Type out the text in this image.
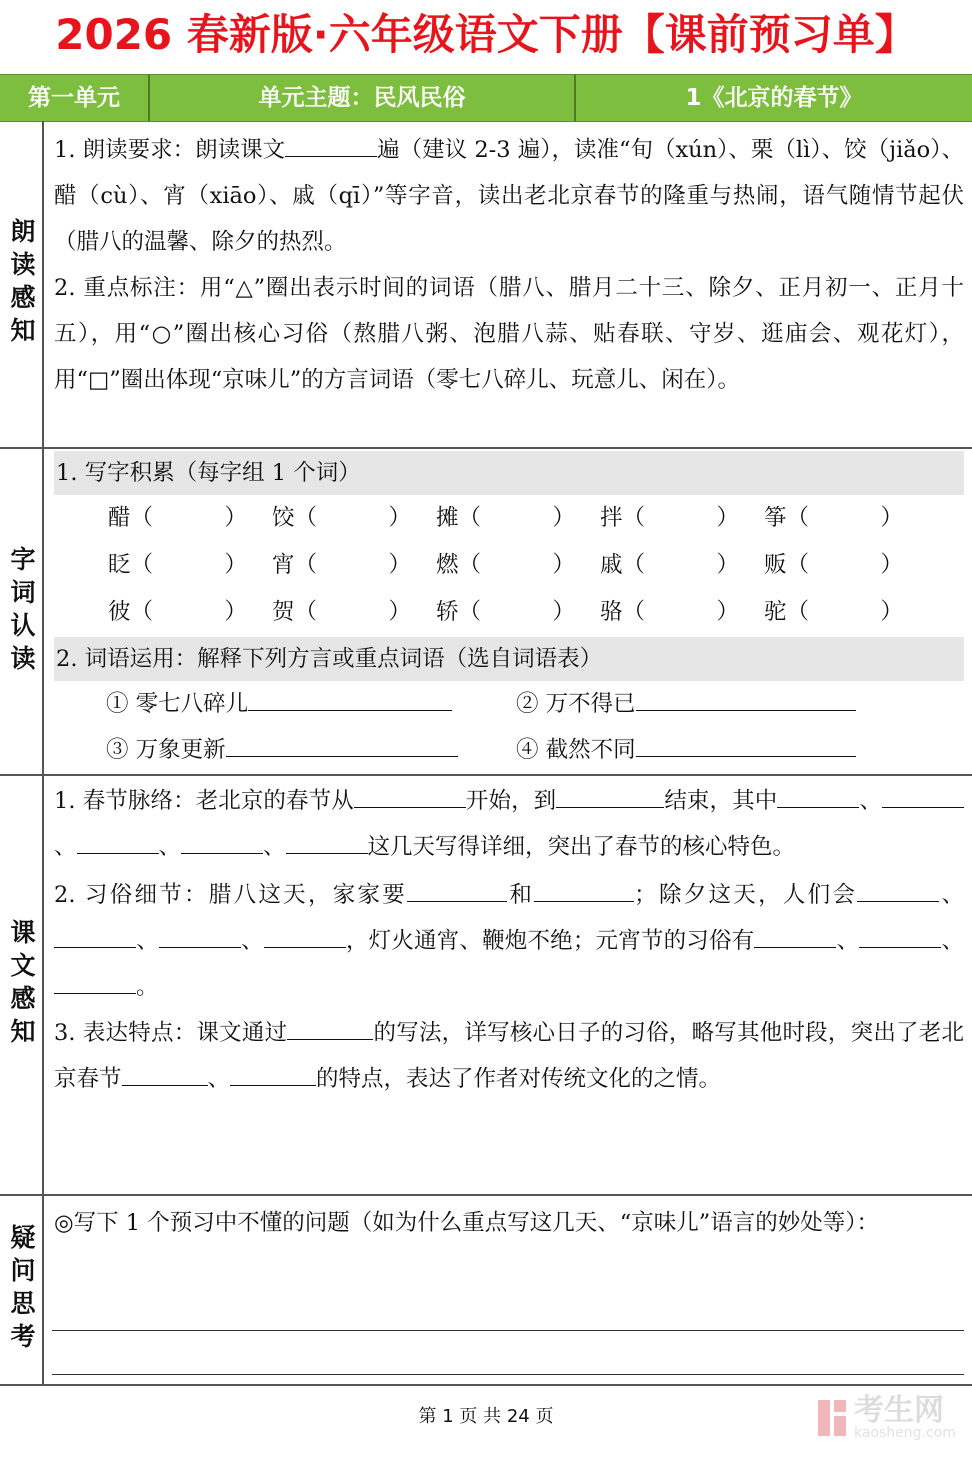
2026 春新版·六年级语文下册【课前预习单】
第一单元	单元主题：民风民俗	1《北京的春节》
朗读感知

1. 朗读要求：朗读课文	遍（建议 2-3 遍），读准“旬（xún）、栗（lì）、饺（jiǎo）、醋（cù）、宵（xiāo）、戚（qī）”等字音，读出老北京春节的隆重与热闹，语气随情节起伏（腊八的温馨、除夕的热烈。

2. 重点标注：用“△”圈出表示时间的词语（腊八、腊月二十三、除夕、正月初一、正月十五），用“○”圈出核心习俗（熬腊八粥、泡腊八蒜、贴春联、守岁、逛庙会、观花灯），用“□”圈出体现“京味儿”的方言词语（零七八碎儿、玩意儿、闲在）。

字词认读

1. 写字积累（每字组 1 个词）

醋（          ）	饺（          ）	摊（          ）	拌（          ）	筝（          ）
眨（          ）	宵（          ）	燃（          ）	戚（          ）	贩（          ）
彼（          ）	贺（          ）	轿（          ）	骆（          ）	驼（          ）

2. 词语运用：解释下列方言或重点词语（选自词语表）

① 零七八碎儿	② 万不得已
③ 万象更新	④ 截然不同
课文感知

1. 春节脉络：老北京的春节从	开始，到	结束，其中	、、	、	、	这几天写得详细，突出了春节的核心特色。

2. 习俗细节：腊八这天，家家要	和	；除夕这天，人们会	、、	、	，灯火通宵、鞭炮不绝；元宵节的习俗有	、	、。

3. 表达特点：课文通过	的写法，详写核心日子的习俗，略写其他时段，突出了老北京春节	、	的特点，表达了作者对传统文化的之情。

疑问思考

◎写下 1 个预习中不懂的问题（如为什么重点写这几天、“京味儿”语言的妙处等）：

第 1 页 共 24 页	考生网
kaosheng.com
